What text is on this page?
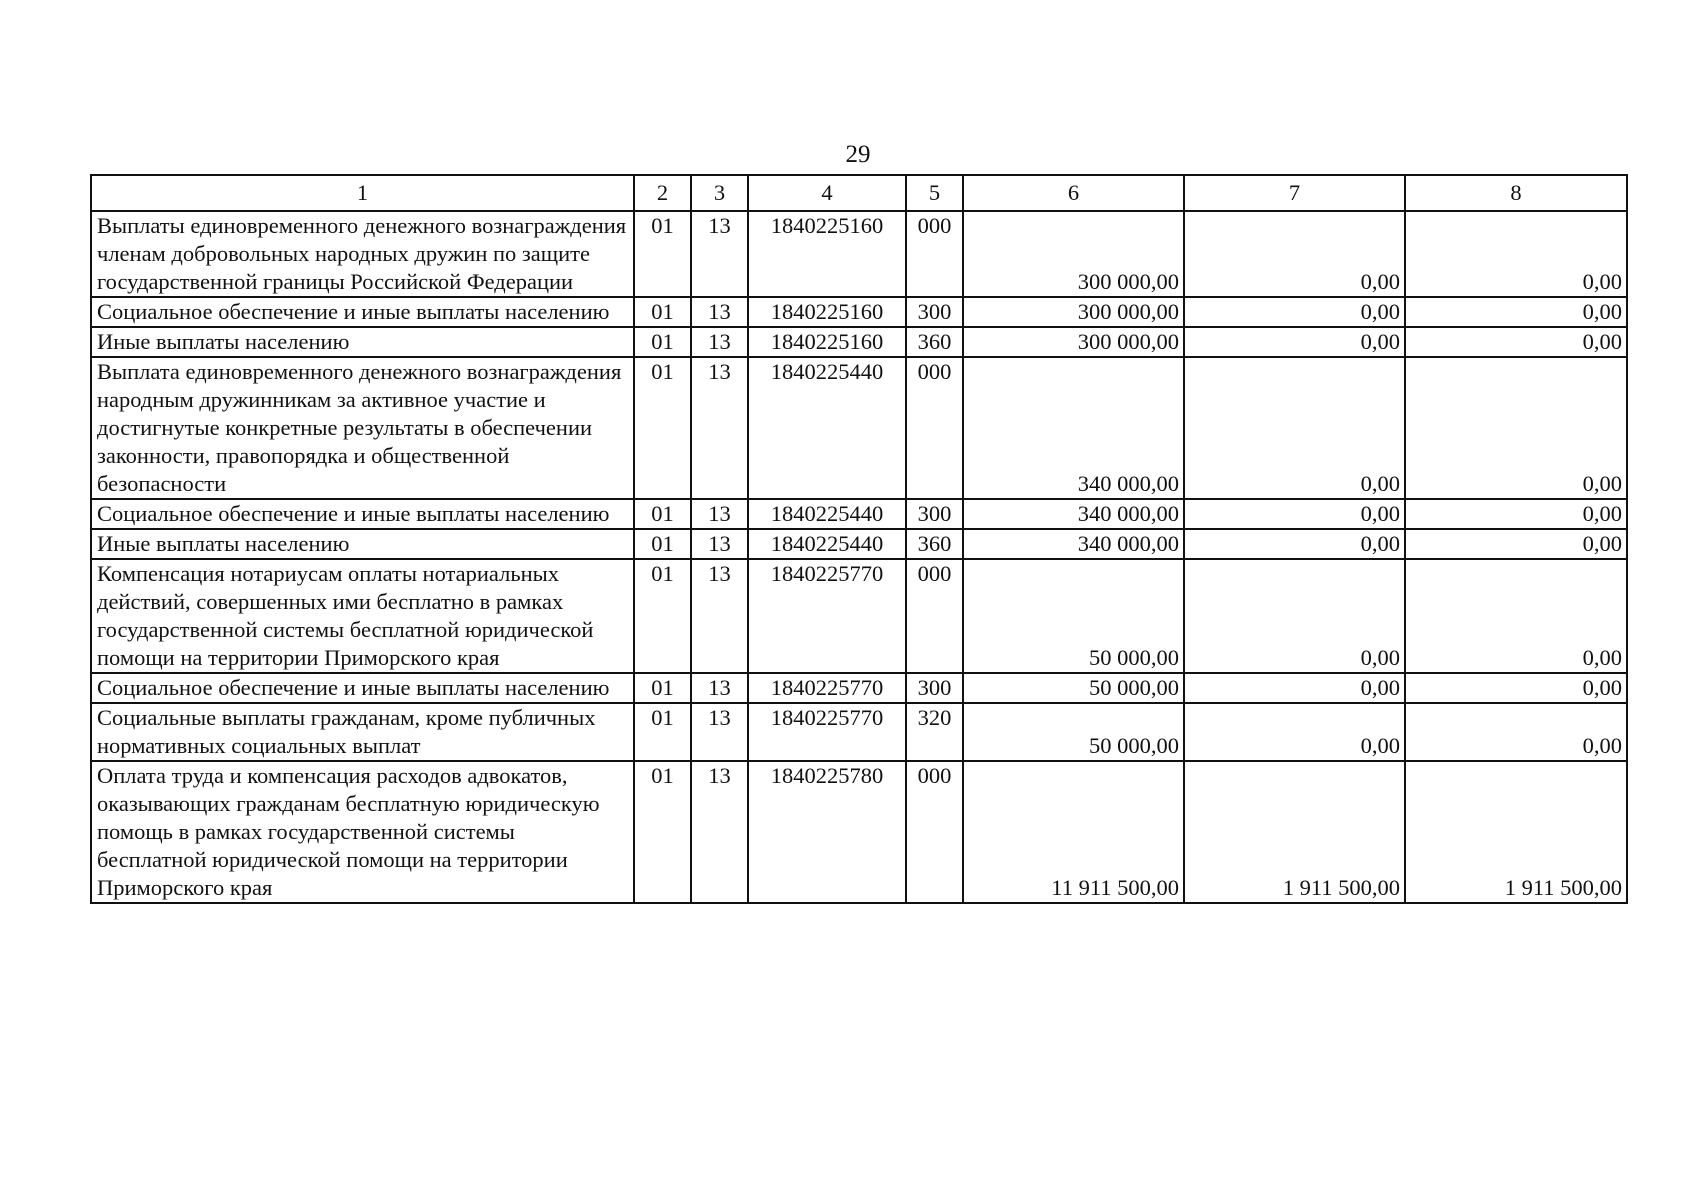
29
1	2	3	4	5	6	7	8
Выплаты единовременного денежного вознаграждения членам добровольных народных дружин по защите государственной границы Российской Федерации	01	13	1840225160	000	300 000,00	0,00	0,00
Социальное обеспечение и иные выплаты населению	01	13	1840225160	300	300 000,00	0,00	0,00
Иные выплаты населению	01	13	1840225160	360	300 000,00	0,00	0,00
Выплата единовременного денежного вознаграждения народным дружинникам за активное участие и достигнутые конкретные результаты в обеспечении законности, правопорядка и общественной безопасности	01	13	1840225440	000	340 000,00	0,00	0,00
Социальное обеспечение и иные выплаты населению	01	13	1840225440	300	340 000,00	0,00	0,00
Иные выплаты населению	01	13	1840225440	360	340 000,00	0,00	0,00
Компенсация нотариусам оплаты нотариальных действий, совершенных ими бесплатно в рамках государственной системы бесплатной юридической помощи на территории Приморского края	01	13	1840225770	000	50 000,00	0,00	0,00
Социальное обеспечение и иные выплаты населению	01	13	1840225770	300	50 000,00	0,00	0,00
Социальные выплаты гражданам, кроме публичных нормативных социальных выплат	01	13	1840225770	320	50 000,00	0,00	0,00
Оплата труда и компенсация расходов адвокатов, оказывающих гражданам бесплатную юридическую помощь в рамках государственной системы бесплатной юридической помощи на территории Приморского края	01	13	1840225780	000	11 911 500,00	1 911 500,00	1 911 500,00
